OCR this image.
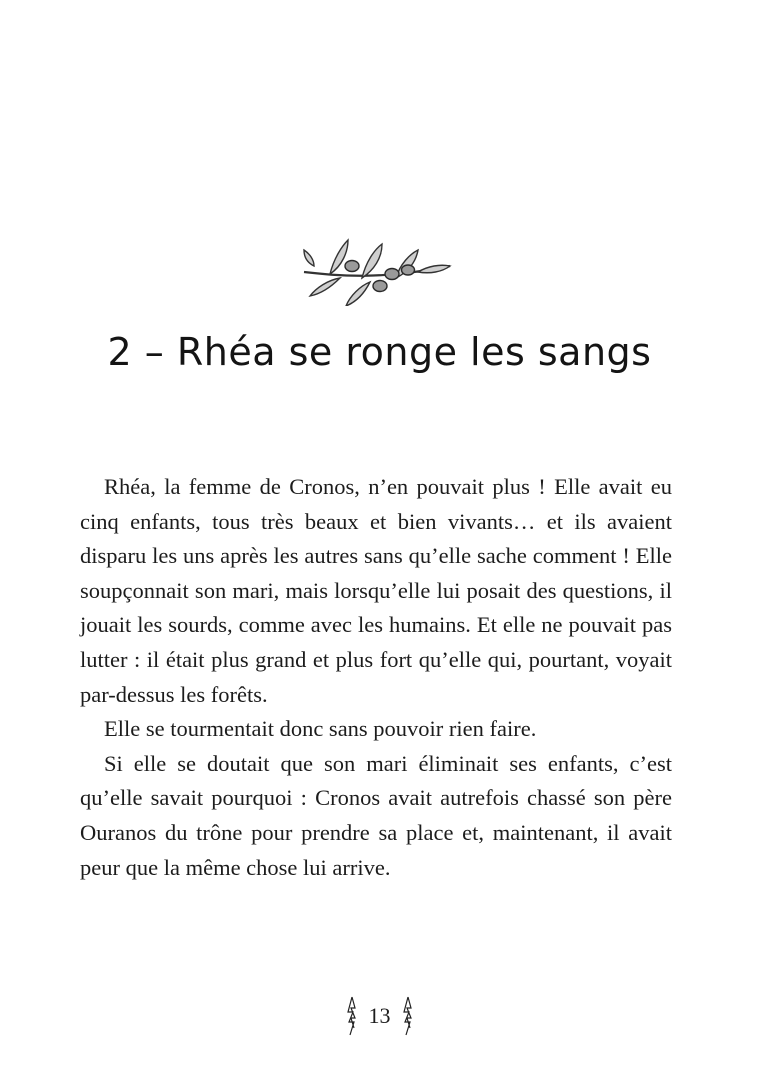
2 – Rhéa se ronge les sangs

Rhéa, la femme de Cronos, n’en pouvait plus ! Elle avait eu cinq enfants, tous très beaux et bien vivants… et ils avaient disparu les uns après les autres sans qu’elle sache comment ! Elle soupçonnait son mari, mais lorsqu’elle lui posait des questions, il jouait les sourds, comme avec les humains. Et elle ne pouvait pas lutter : il était plus grand et plus fort qu’elle qui, pourtant, voyait par-dessus les forêts.

Elle se tourmentait donc sans pouvoir rien faire.

Si elle se doutait que son mari éliminait ses enfants, c’est qu’elle savait pourquoi : Cronos avait autrefois chassé son père Ouranos du trône pour prendre sa place et, maintenant, il avait peur que la même chose lui arrive.

13
